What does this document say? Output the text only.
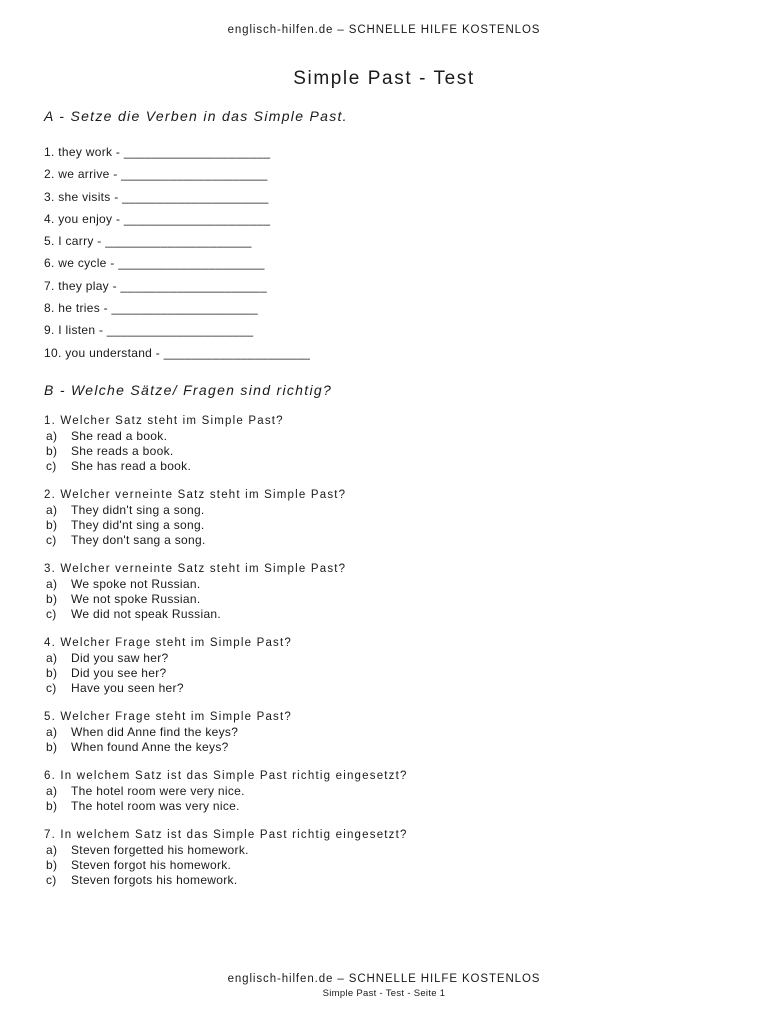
englisch-hilfen.de – SCHNELLE HILFE KOSTENLOS
Simple Past - Test
A - Setze die Verben in das Simple Past.
1. they work - _____________________
2. we arrive - _____________________
3. she visits - _____________________
4. you enjoy - _____________________
5. I carry - _____________________
6. we cycle - _____________________
7. they play - _____________________
8. he tries - _____________________
9. I listen - _____________________
10. you understand - _____________________
B - Welche Sätze/ Fragen sind richtig?
1. Welcher Satz steht im Simple Past?
a) She read a book.
b) She reads a book.
c) She has read a book.
2. Welcher verneinte Satz steht im Simple Past?
a) They didn't sing a song.
b) They did'nt sing a song.
c) They don't sang a song.
3. Welcher verneinte Satz steht im Simple Past?
a) We spoke not Russian.
b) We not spoke Russian.
c) We did not speak Russian.
4. Welcher Frage steht im Simple Past?
a) Did you saw her?
b) Did you see her?
c) Have you seen her?
5. Welcher Frage steht im Simple Past?
a) When did Anne find the keys?
b) When found Anne the keys?
6. In welchem Satz ist das Simple Past richtig eingesetzt?
a) The hotel room were very nice.
b) The hotel room was very nice.
7. In welchem Satz ist das Simple Past richtig eingesetzt?
a) Steven forgetted his homework.
b) Steven forgot his homework.
c) Steven forgots his homework.
englisch-hilfen.de – SCHNELLE HILFE KOSTENLOS
Simple Past - Test - Seite 1
